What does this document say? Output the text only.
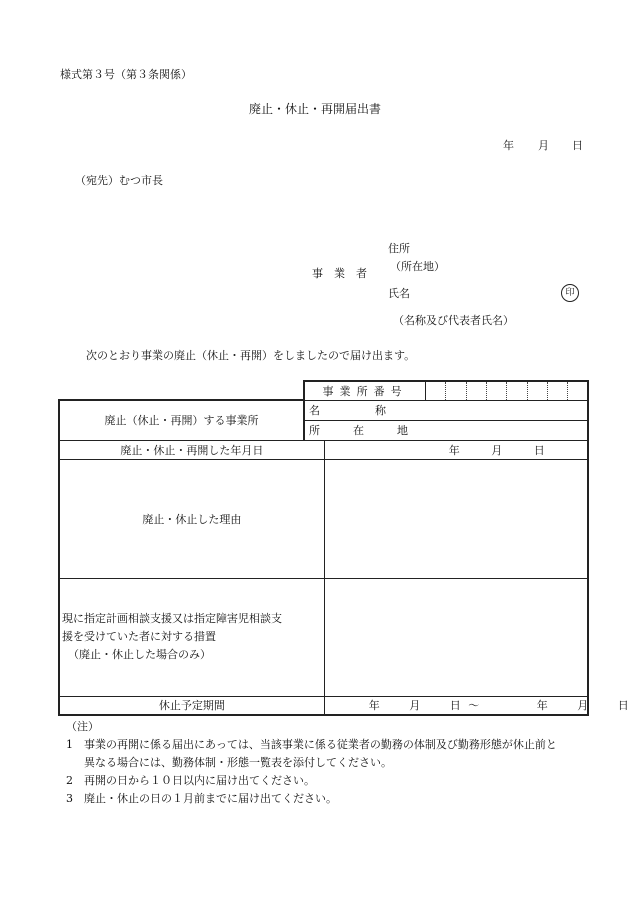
様式第３号（第３条関係）
廃止・休止・再開届出書
年 月 日
（宛先）むつ市長
事　業　者
住所
（所在地）
氏名	印
（名称及び代表者氏名）
次のとおり事業の廃止（休止・再開）をしましたので届け出ます。
	事業所番号									
廃止（休止・再開）する事業所	名　　　　　称									
	所　　　在　　　地									
廃止・休止・再開した年月日		年 月 日								
廃止・休止した理由										

現に指定計画相談支援又は指定障害児相談支
援を受けていた者に対する措置
（廃止・休止した場合のみ）										

休止予定期間		年 月 日 ～ 年 月 日								
（注）
1 事業の再開に係る届出にあっては、当該事業に係る従業者の勤務の体制及び勤務形態が休止前と
異なる場合には、勤務体制・形態一覧表を添付してください。
2 再開の日から１０日以内に届け出てください。
3 廃止・休止の日の１月前までに届け出てください。
